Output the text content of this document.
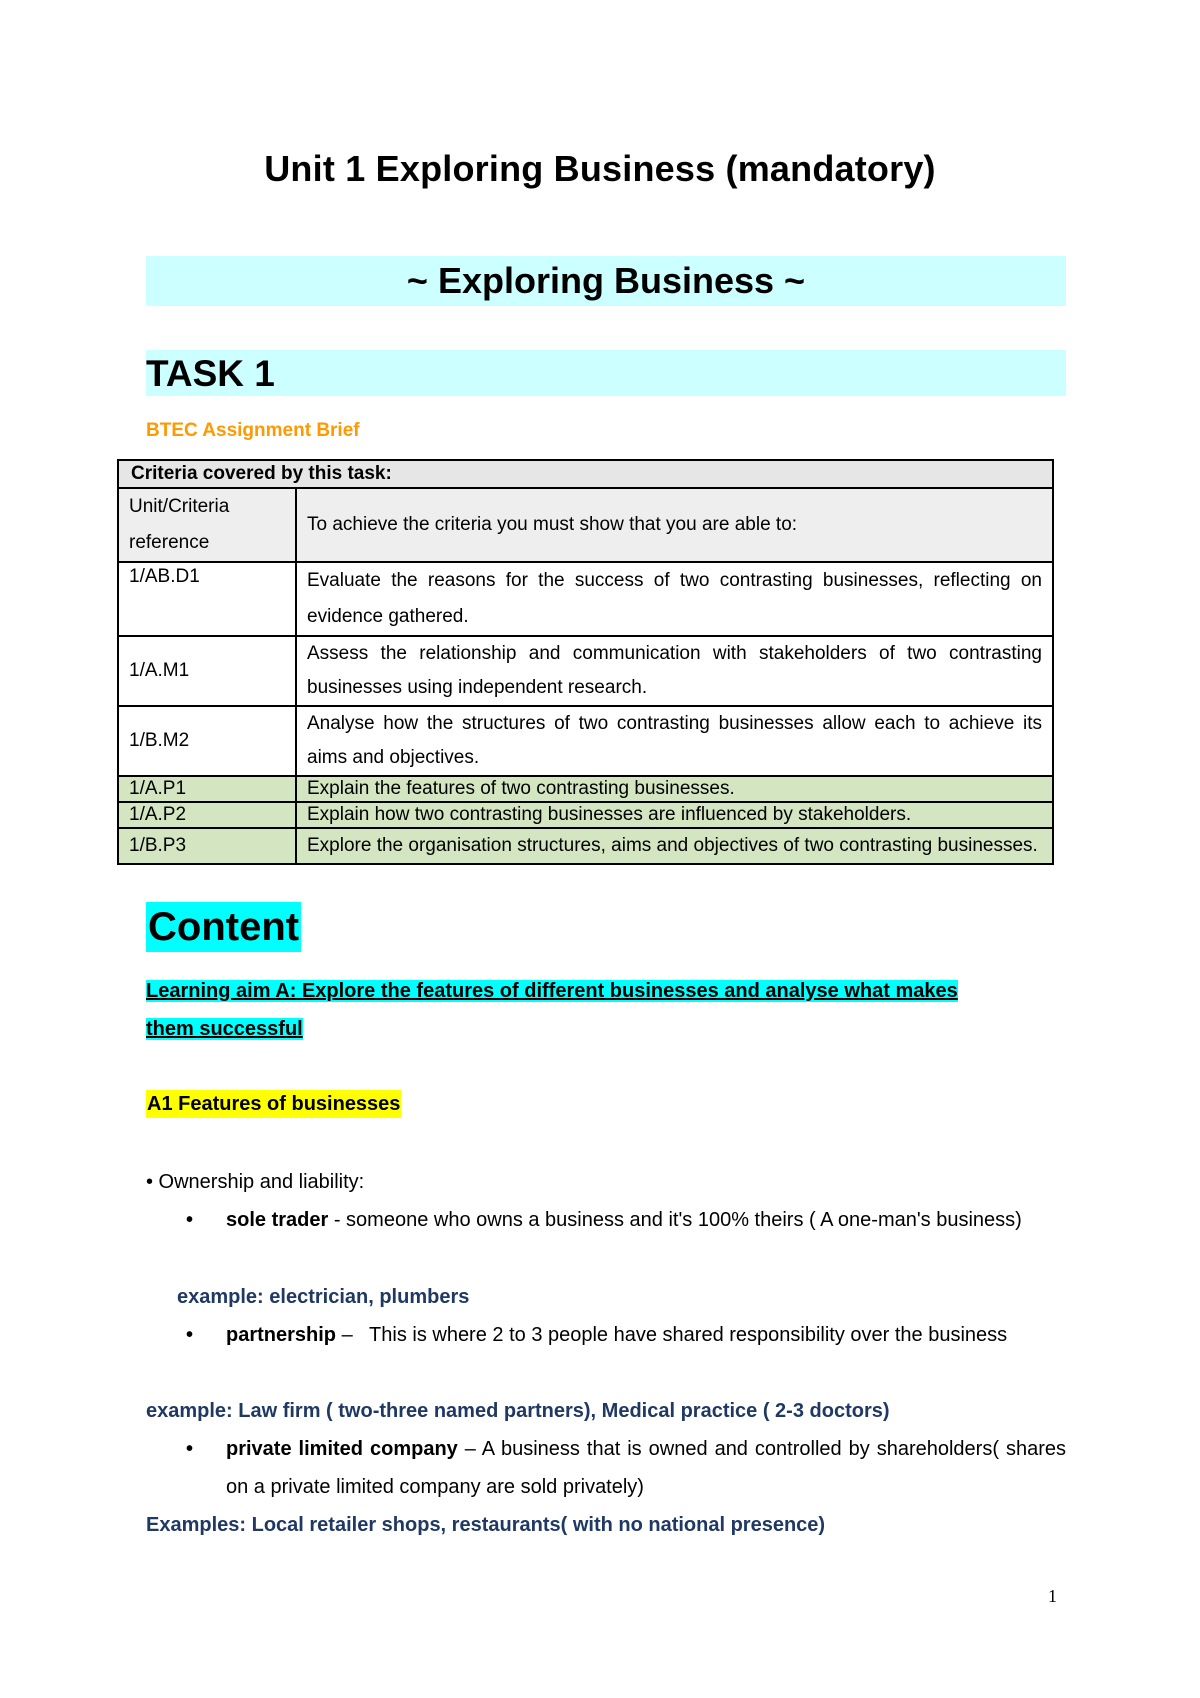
Unit 1 Exploring Business (mandatory)
~ Exploring Business ~
TASK 1
BTEC Assignment Brief
Criteria covered by this task:	
Unit/Criteria
reference	To achieve the criteria you must show that you are able to:
1/AB.D1	Evaluate the reasons for the success of two contrasting businesses, reflecting on evidence gathered.
1/A.M1	Assess the relationship and communication with stakeholders of two contrasting businesses using independent research.
1/B.M2	Analyse how the structures of two contrasting businesses allow each to achieve its aims and objectives.
1/A.P1	Explain the features of two contrasting businesses.
1/A.P2	Explain how two contrasting businesses are influenced by stakeholders.
1/B.P3	Explore the organisation structures, aims and objectives of two contrasting businesses.
Content
Learning aim A: Explore the features of different businesses and analyse what makes them successful
A1 Features of businesses
• Ownership and liability:
• sole trader - someone who owns a business and it's 100% theirs ( A one-man's business)
example: electrician, plumbers
• partnership –   This is where 2 to 3 people have shared responsibility over the business
example: Law firm ( two-three named partners), Medical practice ( 2-3 doctors)
• private limited company – A business that is owned and controlled by shareholders( shares on a private limited company are sold privately)
Examples: Local retailer shops, restaurants( with no national presence)
1
